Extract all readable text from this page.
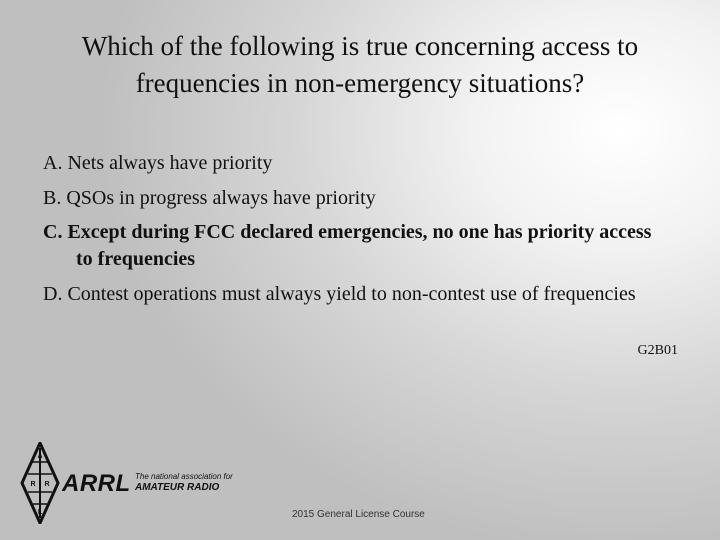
Which of the following is true concerning access to frequencies in non-emergency situations?
A. Nets always have priority
B. QSOs in progress always have priority
C. Except during FCC declared emergencies, no one has priority access to frequencies
D. Contest operations must always yield to non-contest use of frequencies
G2B01
A
R R
L
ARRL The national association for
AMATEUR RADIO
2015 General License Course
